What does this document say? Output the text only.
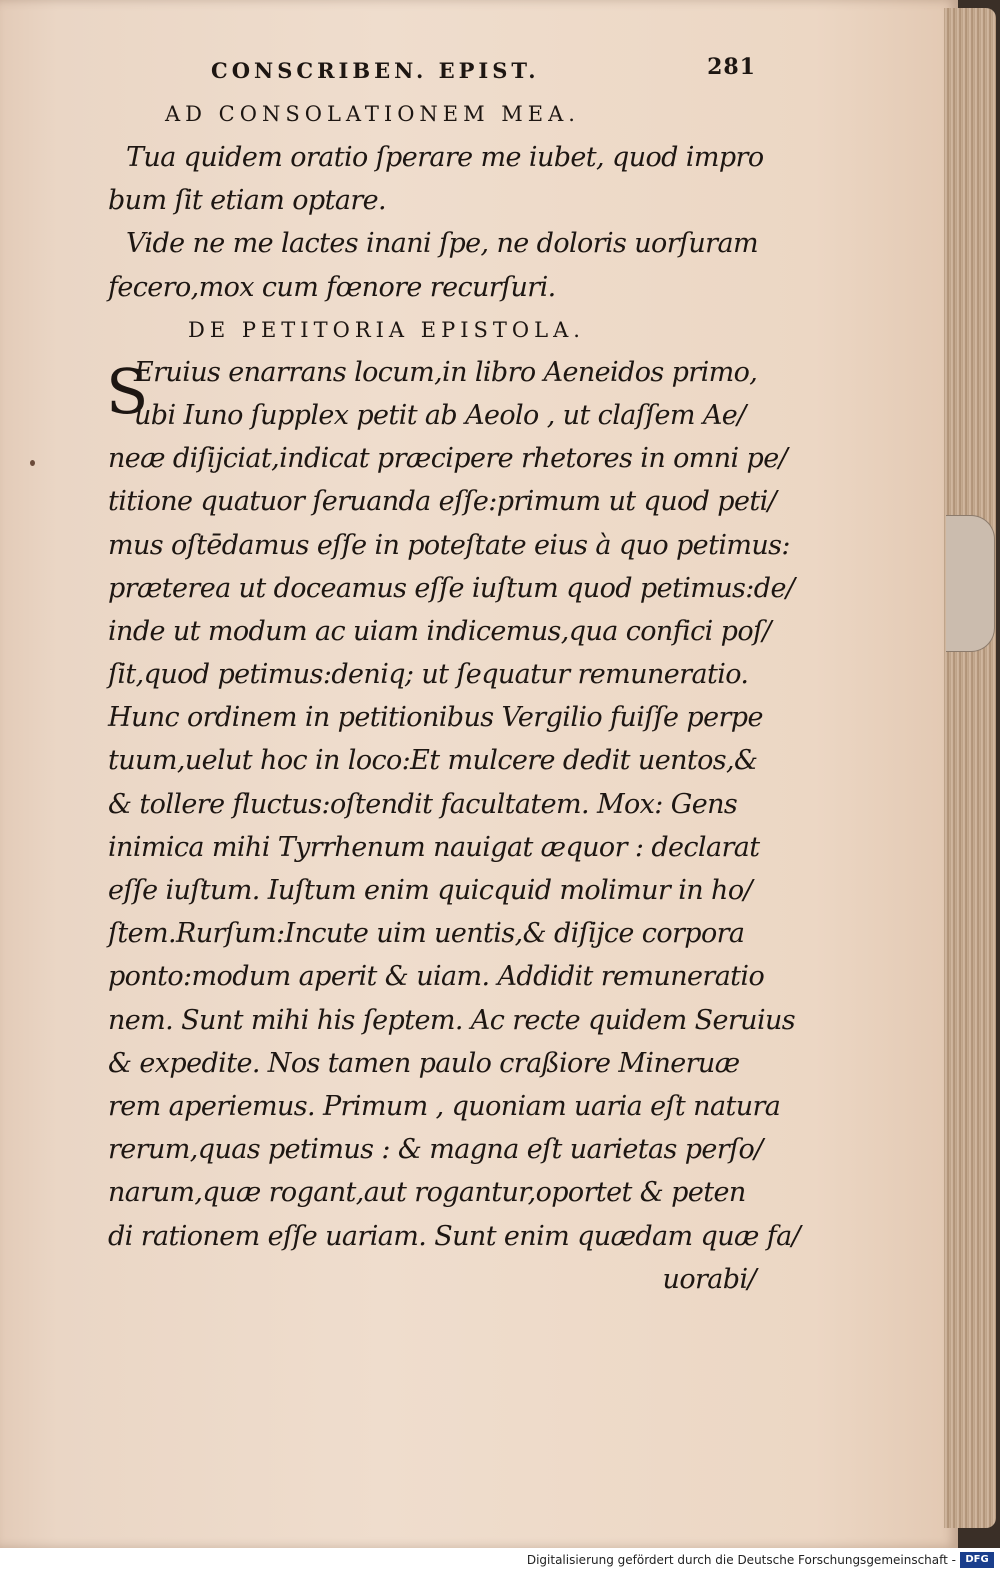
CONSCRIBEN. EPIST.	281
AD CONSOLATIONEM MEA.
Tua quidem oratio ſperare me iubet, quod impro
bum ſit etiam optare.
Vide ne me lactes inani ſpe, ne doloris uorſuram
fecero,mox cum fœnore recurſuri.
DE PETITORIA EPISTOLA.
S
Eruius enarrans locum,in libro Aeneidos primo,
ubi Iuno ſupplex petit ab Aeolo , ut claſſem Ae/
neæ diſijciat,indicat præcipere rhetores in omni pe/
titione quatuor ſeruanda eſſe:primum ut quod peti/
mus oſtēdamus eſſe in poteſtate eius à quo petimus:
præterea ut doceamus eſſe iuſtum quod petimus:de/
inde ut modum ac uiam indicemus,qua confici poſ/
ſit,quod petimus:deniq; ut ſequatur remuneratio.
Hunc ordinem in petitionibus Vergilio fuiſſe perpe
tuum,uelut hoc in loco:Et mulcere dedit uentos,&
& tollere fluctus:oſtendit facultatem. Mox: Gens
inimica mihi Tyrrhenum nauigat æquor : declarat
eſſe iuſtum. Iuſtum enim quicquid molimur in ho/
ſtem.Rurſum:Incute uim uentis,& diſijce corpora
ponto:modum aperit & uiam. Addidit remuneratio
nem. Sunt mihi his ſeptem. Ac recte quidem Seruius
& expedite. Nos tamen paulo craßiore Mineruæ
rem aperiemus. Primum , quoniam uaria eſt natura
rerum,quas petimus : & magna eſt uarietas perſo/
narum,quæ rogant,aut rogantur,oportet & peten
di rationem eſſe uariam. Sunt enim quædam quæ fa/
uorabi/
Digitalisierung gefördert durch die Deutsche Forschungsgemeinschaft - DFG
